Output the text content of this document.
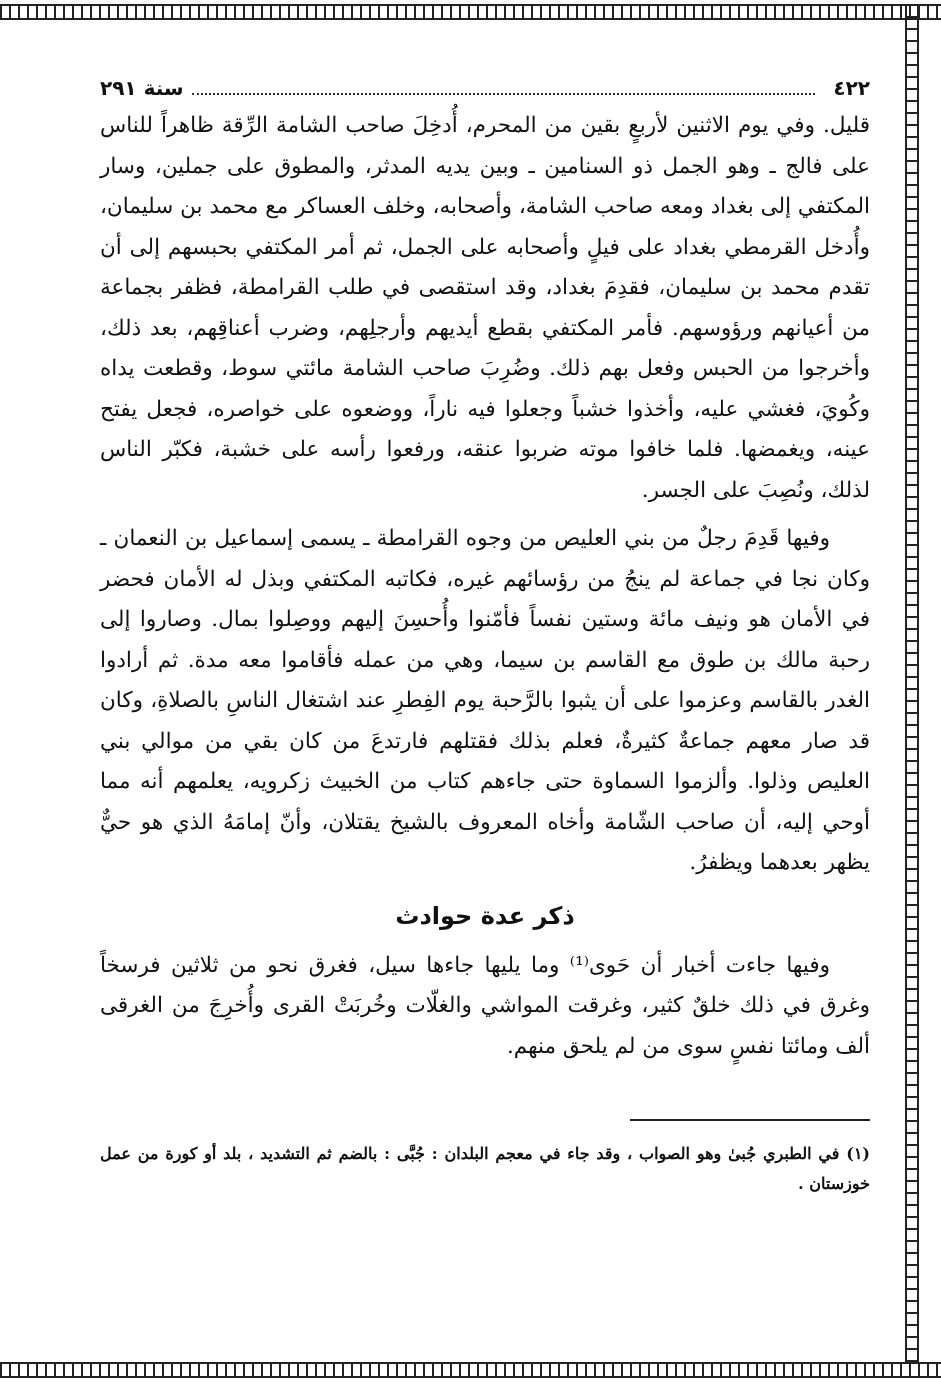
٤٢٢
سنة ٢٩١

قليل. وفي يوم الاثنين لأربعٍ بقين من المحرم، أُدخِلَ صاحب الشامة الرِّقة ظاهراً للناس على فالج ـ وهو الجمل ذو السنامين ـ وبين يديه المدثر، والمطوق على جملين، وسار المكتفي إلى بغداد ومعه صاحب الشامة، وأصحابه، وخلف العساكر مع محمد بن سليمان، وأُدخل القرمطي بغداد على فيلٍ وأصحابه على الجمل، ثم أمر المكتفي بحبسهم إلى أن تقدم محمد بن سليمان، فقدِمَ بغداد، وقد استقصى في طلب القرامطة، فظفر بجماعة من أعيانهم ورؤوسهم. فأمر المكتفي بقطع أيديهم وأرجلِهم، وضرب أعناقِهم، بعد ذلك، وأخرجوا من الحبس وفعل بهم ذلك. وضُرِبَ صاحب الشامة مائتي سوط، وقطعت يداه وكُويَ، فغشي عليه، وأخذوا خشباً وجعلوا فيه ناراً، ووضعوه على خواصره، فجعل يفتح عينه، ويغمضها. فلما خافوا موته ضربوا عنقه، ورفعوا رأسه على خشبة، فكبّر الناس لذلك، ونُصِبَ على الجسر.

وفيها قَدِمَ رجلٌ من بني العليص من وجوه القرامطة ـ يسمى إسماعيل بن النعمان ـ وكان نجا في جماعة لم ينجُ من رؤسائهم غيره، فكاتبه المكتفي وبذل له الأمان فحضر في الأمان هو ونيف مائة وستين نفساً فأمّنوا وأُحسِنَ إليهم ووصِلوا بمال. وصاروا إلى رحبة مالك بن طوق مع القاسم بن سيما، وهي من عمله فأقاموا معه مدة. ثم أرادوا الغدر بالقاسم وعزموا على أن يثبوا بالرَّحبة يوم الفِطرِ عند اشتغال الناسِ بالصلاةِ، وكان قد صار معهم جماعةٌ كثيرةٌ، فعلم بذلك فقتلهم فارتدعَ من كان بقي من موالي بني العليص وذلوا. وألزموا السماوة حتى جاءهم كتاب من الخبيث زكرويه، يعلمهم أنه مما أوحي إليه، أن صاحب الشّامة وأخاه المعروف بالشيخ يقتلان، وأنّ إمامَهُ الذي هو حيٌّ يظهر بعدهما ويظفرُ.

ذكر عدة حوادث

وفيها جاءت أخبار أن حَوى⁽¹⁾ وما يليها جاءها سيل، فغرق نحو من ثلاثين فرسخاً وغرق في ذلك خلقٌ كثير، وغرقت المواشي والغلّات وخُربَتْ القرى وأُخرِجَ من الغرقى ألف ومائتا نفسٍ سوى من لم يلحق منهم.

(١) في الطبري جُبىٰ وهو الصواب ، وقد جاء في معجم البلدان : جُبَّى : بالضم ثم التشديد ، بلد أو كورة من عمل خوزستان .
